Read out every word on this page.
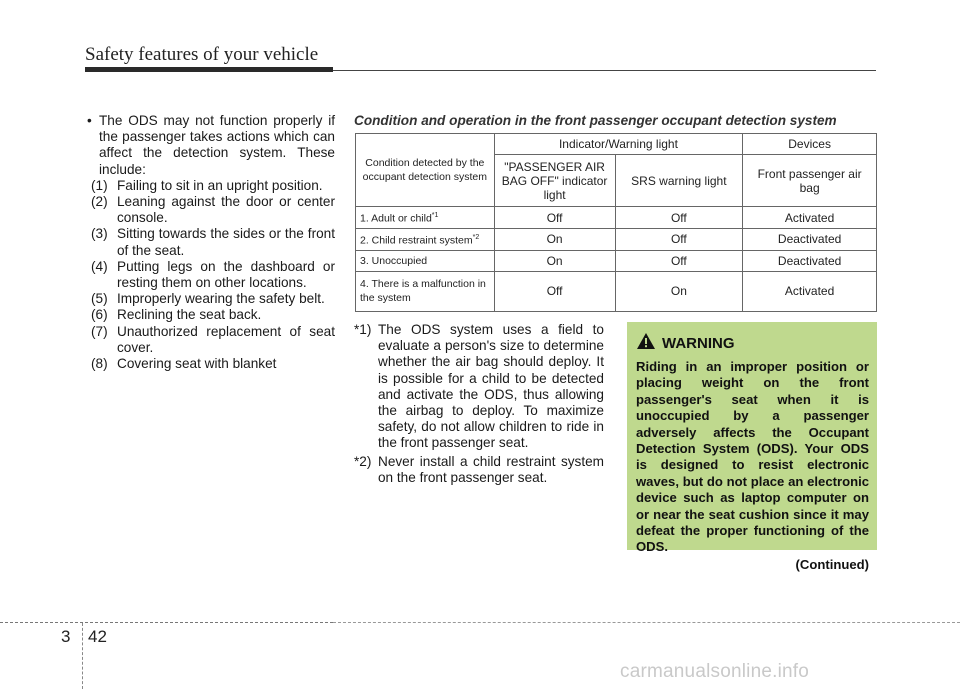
Safety features of your vehicle
• The ODS may not function properly if the passenger takes actions which can affect the detection system. These include:
(1) Failing to sit in an upright position.
(2) Leaning against the door or center console.
(3) Sitting towards the sides or the front of the seat.
(4) Putting legs on the dashboard or resting them on other locations.
(5) Improperly wearing the safety belt.
(6) Reclining the seat back.
(7) Unauthorized replacement of seat cover.
(8) Covering seat with blanket
Condition and operation in the front passenger occupant detection system
Condition detected by the occupant detection system	Indicator/Warning light		Devices
	"PASSENGER AIR BAG OFF" indicator light	SRS warning light	Front passenger air bag
1. Adult or child$^{*1}$	Off	Off	Activated
2. Child restraint system$^{*2}$	On	Off	Deactivated
3. Unoccupied	On	Off	Deactivated
4. There is a malfunction in the system	Off	On	Activated
*1) The ODS system uses a field to evaluate a person's size to determine whether the air bag should deploy. It is possible for a child to be detected and activate the ODS, thus allowing the airbag to deploy. To maximize safety, do not allow children to ride in the front passenger seat.
*2) Never install a child restraint system on the front passenger seat.
WARNING
Riding in an improper position or placing weight on the front passenger's seat when it is unoccupied by a passenger adversely affects the Occupant Detection System (ODS). Your ODS is designed to resist electronic waves, but do not place an electronic device such as laptop computer on or near the seat cushion since it may defeat the proper functioning of the ODS.
(Continued)
3 42
carmanualsonline.info
